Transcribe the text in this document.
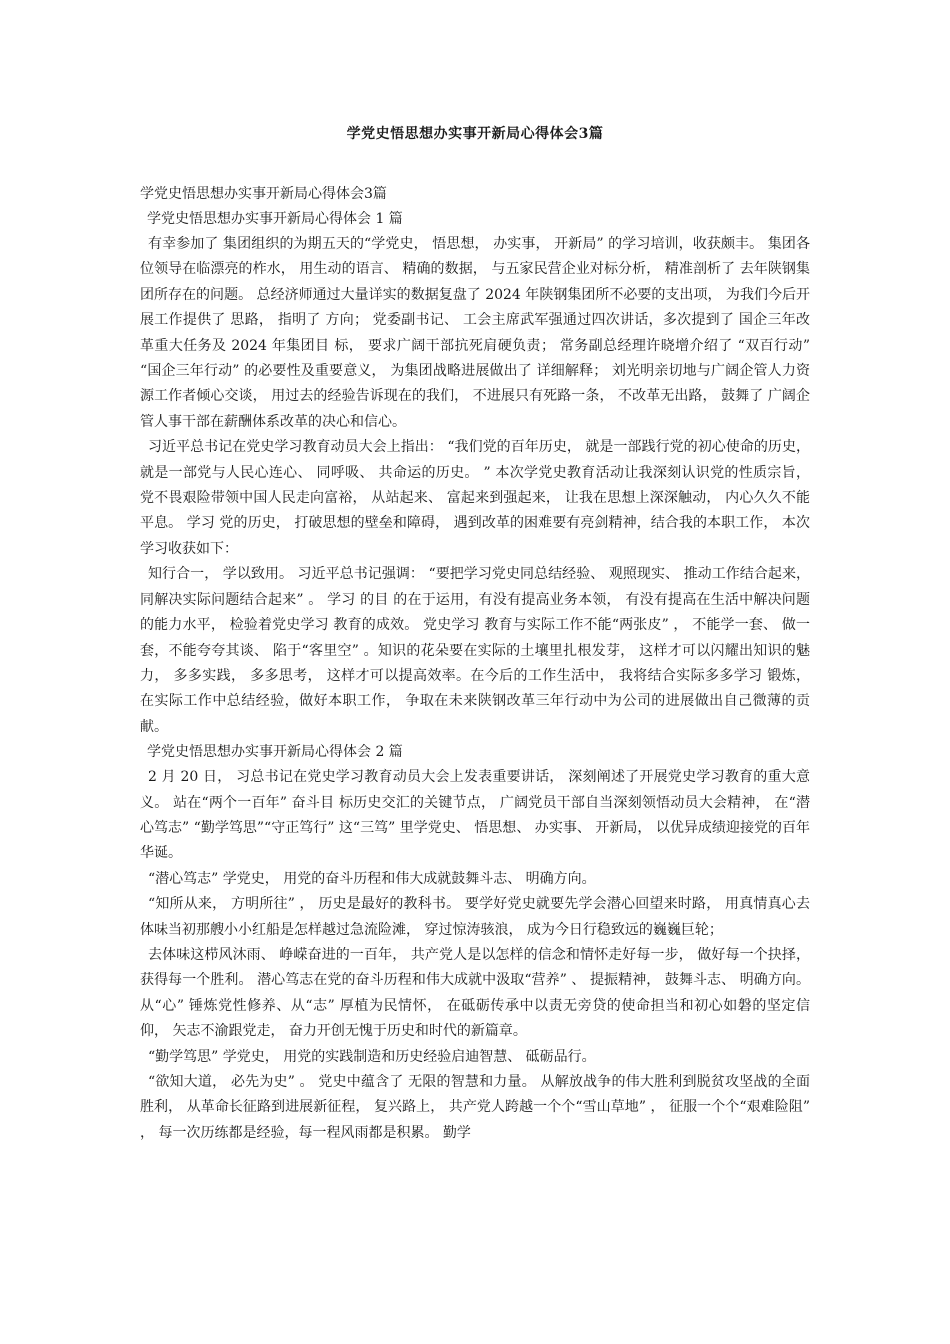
学党史悟思想办实事开新局心得体会3篇

学党史悟思想办实事开新局心得体会3篇

学党史悟思想办实事开新局心得体会 1 篇

有幸参加了 集团组织的为期五天的“学党史， 悟思想， 办实事， 开新局” 的学习培训，收获颇丰。 集团各位领导在临漂亮的柞水， 用生动的语言、 精确的数据， 与五家民营企业对标分析， 精准剖析了 去年陕钢集团所存在的问题。 总经济师通过大量详实的数据复盘了 2024 年陕钢集团所不必要的支出项， 为我们今后开展工作提供了 思路， 指明了 方向； 党委副书记、 工会主席武军强通过四次讲话，多次提到了 国企三年改革重大任务及 2024 年集团目 标， 要求广阔干部抗死肩硬负责； 常务副总经理许晓增介绍了 “双百行动” “国企三年行动” 的必要性及重要意义， 为集团战略进展做出了 详细解释； 刘光明亲切地与广阔企管人力资源工作者倾心交谈， 用过去的经验告诉现在的我们， 不进展只有死路一条， 不改革无出路， 鼓舞了 广阔企管人事干部在薪酬体系改革的决心和信心。

习近平总书记在党史学习教育动员大会上指出： “我们党的百年历史， 就是一部践行党的初心使命的历史， 就是一部党与人民心连心、 同呼吸、 共命运的历史。 ” 本次学党史教育活动让我深刻认识党的性质宗旨， 党不畏艰险带领中国人民走向富裕， 从站起来、 富起来到强起来， 让我在思想上深深触动， 内心久久不能平息。 学习 党的历史， 打破思想的壁垒和障碍， 遇到改革的困难要有亮剑精神，结合我的本职工作， 本次学习收获如下：

知行合一， 学以致用。 习近平总书记强调： “要把学习党史同总结经验、 观照现实、 推动工作结合起来， 同解决实际问题结合起来” 。 学习 的目 的在于运用，有没有提高业务本领， 有没有提高在生活中解决问题的能力水平， 检验着党史学习 教育的成效。 党史学习 教育与实际工作不能“两张皮” ， 不能学一套、 做一套，不能夸夸其谈、 陷于“客里空” 。知识的花朵要在实际的土壤里扎根发芽， 这样才可以闪耀出知识的魅力， 多多实践， 多多思考， 这样才可以提高效率。在今后的工作生活中， 我将结合实际多多学习 锻炼， 在实际工作中总结经验，做好本职工作， 争取在未来陕钢改革三年行动中为公司的进展做出自己微薄的贡献。

学党史悟思想办实事开新局心得体会 2 篇

2 月 20 日， 习总书记在党史学习教育动员大会上发表重要讲话， 深刻阐述了开展党史学习教育的重大意义。 站在“两个一百年” 奋斗目 标历史交汇的关键节点， 广阔党员干部自当深刻领悟动员大会精神， 在“潜心笃志” “勤学笃思”“守正笃行” 这“三笃” 里学党史、 悟思想、 办实事、 开新局， 以优异成绩迎接党的百年华诞。

“潜心笃志” 学党史， 用党的奋斗历程和伟大成就鼓舞斗志、 明确方向。

“知所从来， 方明所往” ， 历史是最好的教科书。 要学好党史就要先学会潜心回望来时路， 用真情真心去体味当初那艘小小红船是怎样越过急流险滩， 穿过惊涛骇浪， 成为今日行稳致远的巍巍巨轮；

去体味这栉风沐雨、 峥嵘奋进的一百年， 共产党人是以怎样的信念和情怀走好每一步， 做好每一个抉择， 获得每一个胜利。 潜心笃志在党的奋斗历程和伟大成就中汲取“营养” 、 提振精神， 鼓舞斗志、 明确方向。 从“心” 锤炼党性修养、从“志” 厚植为民情怀， 在砥砺传承中以责无旁贷的使命担当和初心如磐的坚定信仰， 矢志不渝跟党走， 奋力开创无愧于历史和时代的新篇章。

“勤学笃思” 学党史， 用党的实践制造和历史经验启迪智慧、 砥砺品行。

“欲知大道， 必先为史” 。 党史中蕴含了 无限的智慧和力量。 从解放战争的伟大胜利到脱贫攻坚战的全面胜利， 从革命长征路到进展新征程， 复兴路上， 共产党人跨越一个个“雪山草地” ， 征服一个个“艰难险阻” ， 每一次历练都是经验，每一程风雨都是积累。 勤学
